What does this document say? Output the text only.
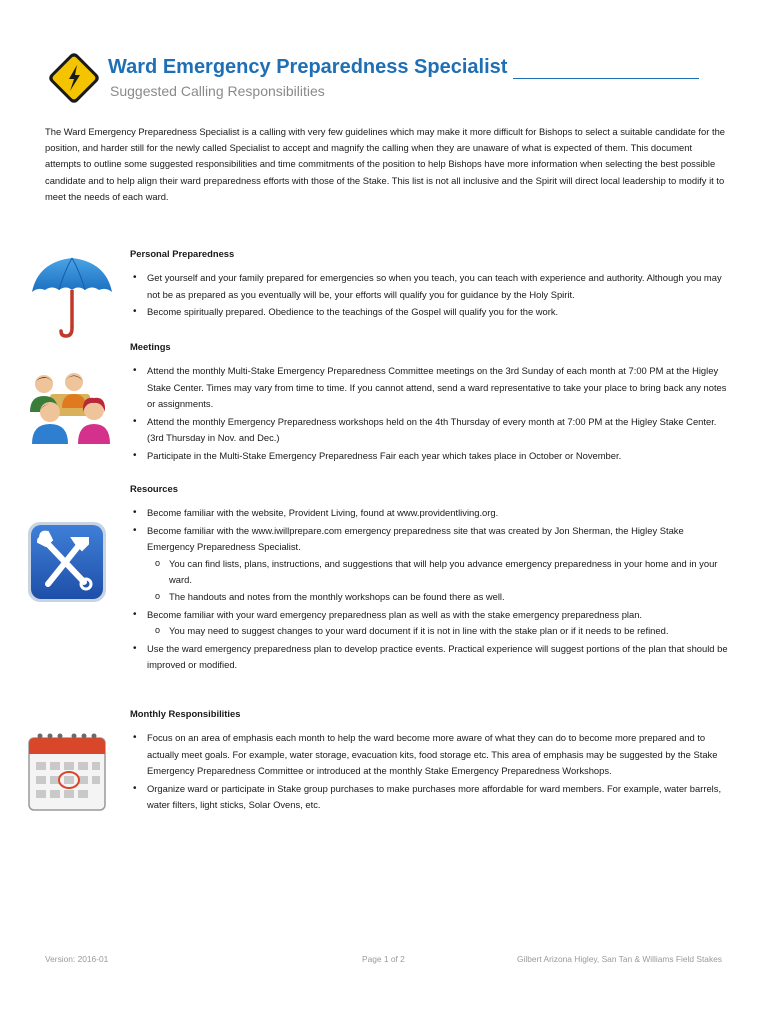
Ward Emergency Preparedness Specialist
Suggested Calling Responsibilities
The Ward Emergency Preparedness Specialist is a calling with very few guidelines which may make it more difficult for Bishops to select a suitable candidate for the position, and harder still for the newly called Specialist to accept and magnify the calling when they are unaware of what is expected of them. This document attempts to outline some suggested responsibilities and time commitments of the position to help Bishops have more information when selecting the best possible candidate and to help align their ward preparedness efforts with those of the Stake. This list is not all inclusive and the Spirit will direct local leadership to modify it to meet the needs of each ward.
Personal Preparedness
• Get yourself and your family prepared for emergencies so when you teach, you can teach with experience and authority. Although you may not be as prepared as you eventually will be, your efforts will qualify you for guidance by the Holy Spirit.
• Become spiritually prepared. Obedience to the teachings of the Gospel will qualify you for the work.
Meetings
• Attend the monthly Multi-Stake Emergency Preparedness Committee meetings on the 3rd Sunday of each month at 7:00 PM at the Higley Stake Center. Times may vary from time to time. If you cannot attend, send a ward representative to take your place to bring back any notes or assignments.
• Attend the monthly Emergency Preparedness workshops held on the 4th Thursday of every month at 7:00 PM at the Higley Stake Center. (3rd Thursday in Nov. and Dec.)
• Participate in the Multi-Stake Emergency Preparedness Fair each year which takes place in October or November.
Resources
• Become familiar with the website, Provident Living, found at www.providentliving.org.
• Become familiar with the www.iwillprepare.com emergency preparedness site that was created by Jon Sherman, the Higley Stake Emergency Preparedness Specialist.
o You can find lists, plans, instructions, and suggestions that will help you advance emergency preparedness in your home and in your ward.
o The handouts and notes from the monthly workshops can be found there as well.
• Become familiar with your ward emergency preparedness plan as well as with the stake emergency preparedness plan.
o You may need to suggest changes to your ward document if it is not in line with the stake plan or if it needs to be refined.
• Use the ward emergency preparedness plan to develop practice events. Practical experience will suggest portions of the plan that should be improved or modified.
Monthly Responsibilities
• Focus on an area of emphasis each month to help the ward become more aware of what they can do to become more prepared and to actually meet goals. For example, water storage, evacuation kits, food storage etc. This area of emphasis may be suggested by the Stake Emergency Preparedness Committee or introduced at the monthly Stake Emergency Preparedness Workshops.
• Organize ward or participate in Stake group purchases to make purchases more affordable for ward members. For example, water barrels, water filters, light sticks, Solar Ovens, etc.
Version: 2016-01	Page 1 of 2	Gilbert Arizona Higley, San Tan & Williams Field Stakes
